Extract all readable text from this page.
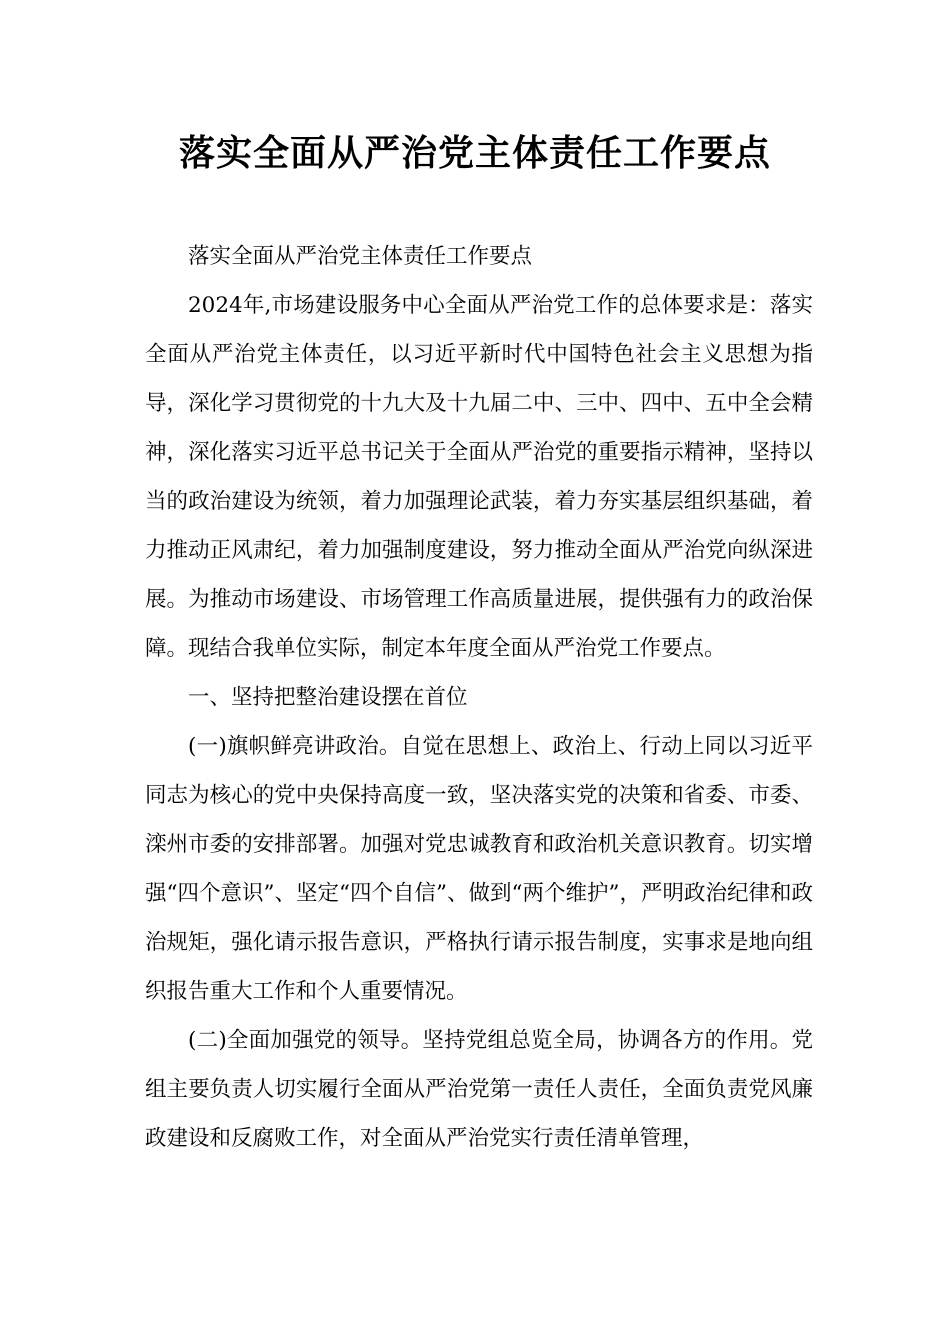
落实全面从严治党主体责任工作要点

落实全面从严治党主体责任工作要点

2024年,市场建设服务中心全面从严治党工作的总体要求是：落实全面从严治党主体责任，以习近平新时代中国特色社会主义思想为指导，深化学习贯彻党的十九大及十九届二中、三中、四中、五中全会精神，深化落实习近平总书记关于全面从严治党的重要指示精神，坚持以当的政治建设为统领，着力加强理论武装，着力夯实基层组织基础，着力推动正风肃纪，着力加强制度建设，努力推动全面从严治党向纵深进展。为推动市场建设、市场管理工作高质量进展，提供强有力的政治保障。现结合我单位实际，制定本年度全面从严治党工作要点。

一、坚持把整治建设摆在首位

(一)旗帜鲜亮讲政治。自觉在思想上、政治上、行动上同以习近平同志为核心的党中央保持高度一致，坚决落实党的决策和省委、市委、滦州市委的安排部署。加强对党忠诚教育和政治机关意识教育。切实增强“四个意识”、坚定“四个自信”、做到“两个维护”，严明政治纪律和政治规矩，强化请示报告意识，严格执行请示报告制度，实事求是地向组织报告重大工作和个人重要情况。

(二)全面加强党的领导。坚持党组总览全局，协调各方的作用。党组主要负责人切实履行全面从严治党第一责任人责任，全面负责党风廉政建设和反腐败工作，对全面从严治党实行责任清单管理，
